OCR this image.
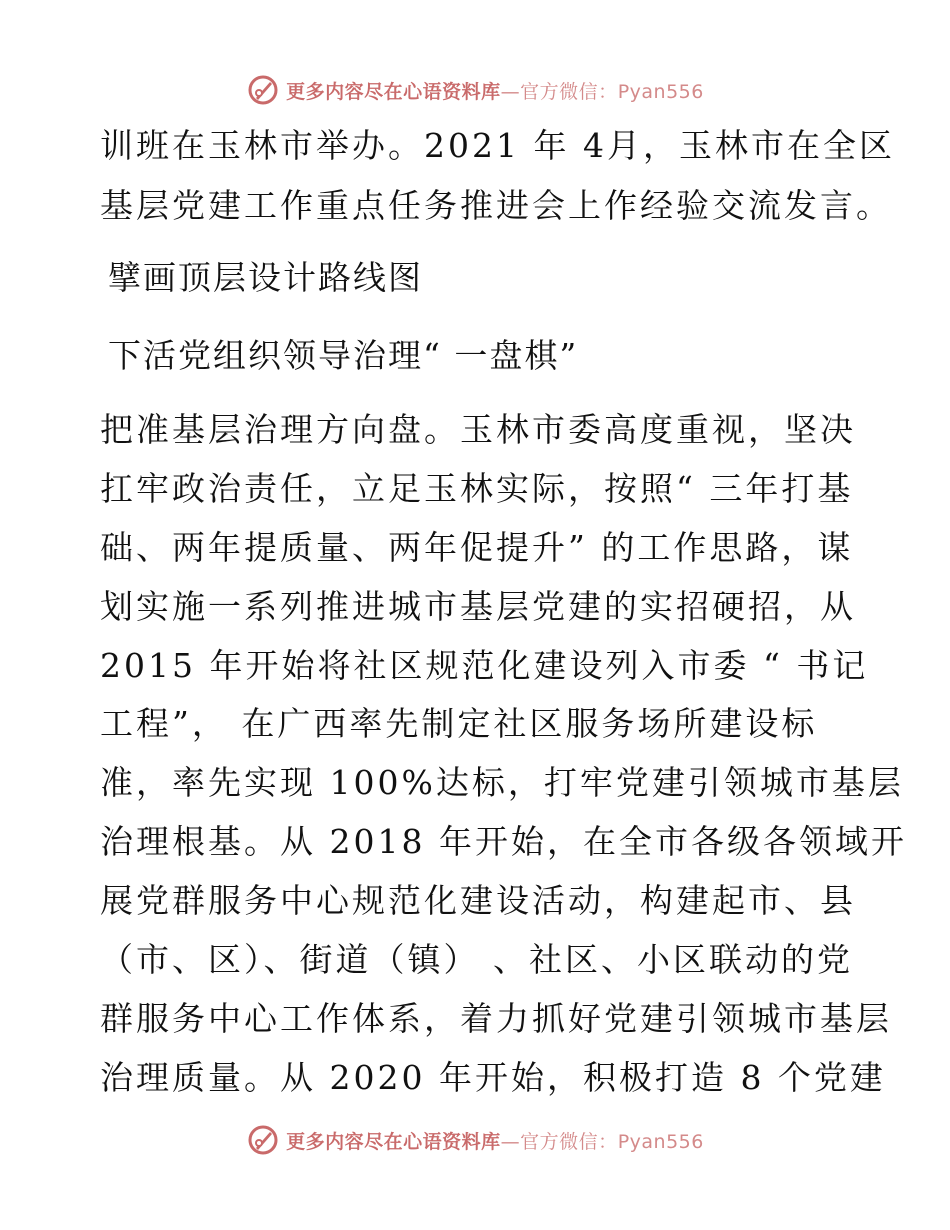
更多内容尽在心语资料库—官方微信：Pyan556
训班在玉林市举办。2021 年 4月，玉林市在全区
基层党建工作重点任务推进会上作经验交流发言。
擘画顶层设计路线图
下活党组织领导治理“ 一盘棋”
把准基层治理方向盘。玉林市委高度重视，坚决
扛牢政治责任，立足玉林实际，按照“ 三年打基
础、两年提质量、两年促提升” 的工作思路，谋
划实施一系列推进城市基层党建的实招硬招，从
2015 年开始将社区规范化建设列入市委 “ 书记
工程”， 在广西率先制定社区服务场所建设标
准，率先实现 100%达标，打牢党建引领城市基层
治理根基。从 2018 年开始，在全市各级各领域开
展党群服务中心规范化建设活动，构建起市、县
（市、区）、街道（镇） 、社区、小区联动的党
群服务中心工作体系，着力抓好党建引领城市基层
治理质量。从 2020 年开始，积极打造 8 个党建
更多内容尽在心语资料库—官方微信：Pyan556
